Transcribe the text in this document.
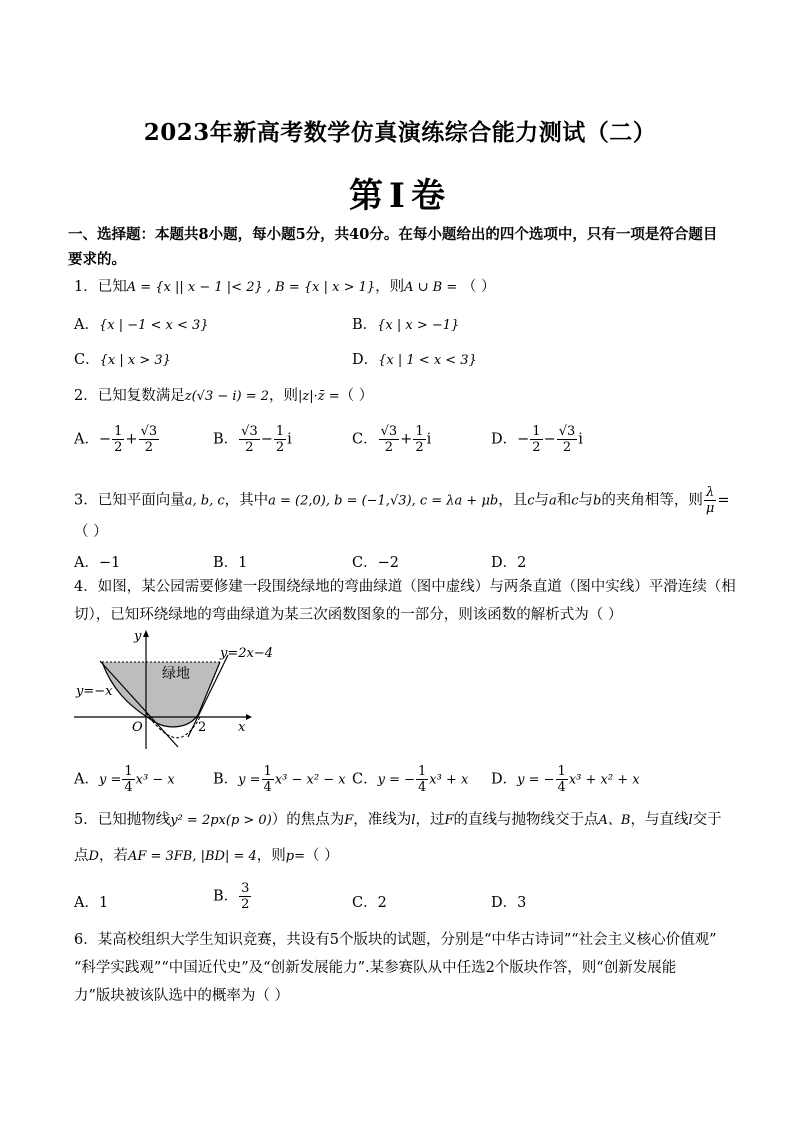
2023年新高考数学仿真演练综合能力测试（二）
第Ⅰ卷
一、选择题：本题共8小题，每小题5分，共40分。在每小题给出的四个选项中，只有一项是符合题目要求的。
1．已知A = {x || x − 1 |< 2} , B = {x | x > 1}，则A ∪ B = （ ）
A．{x | −1 < x < 3}	B．{x | x > −1}
C．{x | x > 3}	D．{x | 1 < x < 3}
2．已知复数满足z(√3 − i) = 2，则|z|·z̄ =（ ）
A．− $\frac{1}{2} + \frac{√3}{2}$	B． $\frac{√3}{2} - \frac{1}{2}$ i	C． $\frac{√3}{2} + \frac{1}{2}$ i	D．− $\frac{1}{2} - \frac{√3}{2}$ i
3．已知平面向量a, b, c，其中a = (2,0), b = (−1,√3), c = λa + μb，且c与a和c与b的夹角相等，则 $\frac{\lambda}{\mu}$ =
（ ）
A．−1	B．1	C．−2	D．2
4．如图，某公园需要修建一段围绕绿地的弯曲绿道（图中虚线）与两条直道（图中实线）平滑连续（相
切），已知环绕绿地的弯曲绿道为某三次函数图象的一部分，则该函数的解析式为（ ）
y
x
O	2
绿地
y=2x−4
y=−x
A．$y = \frac{1}{4} x^3 - x$	B．$y = \frac{1}{4} x^3 - x^2 - x$ C．y = − $\frac{1}{4} x^3 + x$ D．y = − $\frac{1}{4} x^3 + x^2 + x$
5．已知抛物线y² = 2px(p > 0)）的焦点为F，准线为l，过F的直线与抛物线交于点A、B，与直线l交于
点D，若AF = 3FB, |BD| = 4，则p=（ ）
A．1	B． $\frac{3}{2}$	C．2	D．3
6．某高校组织大学生知识竞赛，共设有5个版块的试题，分别是“中华古诗词”“社会主义核心价值观”
“科学实践观”“中国近代史”及“创新发展能力”.某参赛队从中任选2个版块作答，则“创新发展能
力”版块被该队选中的概率为（ ）
